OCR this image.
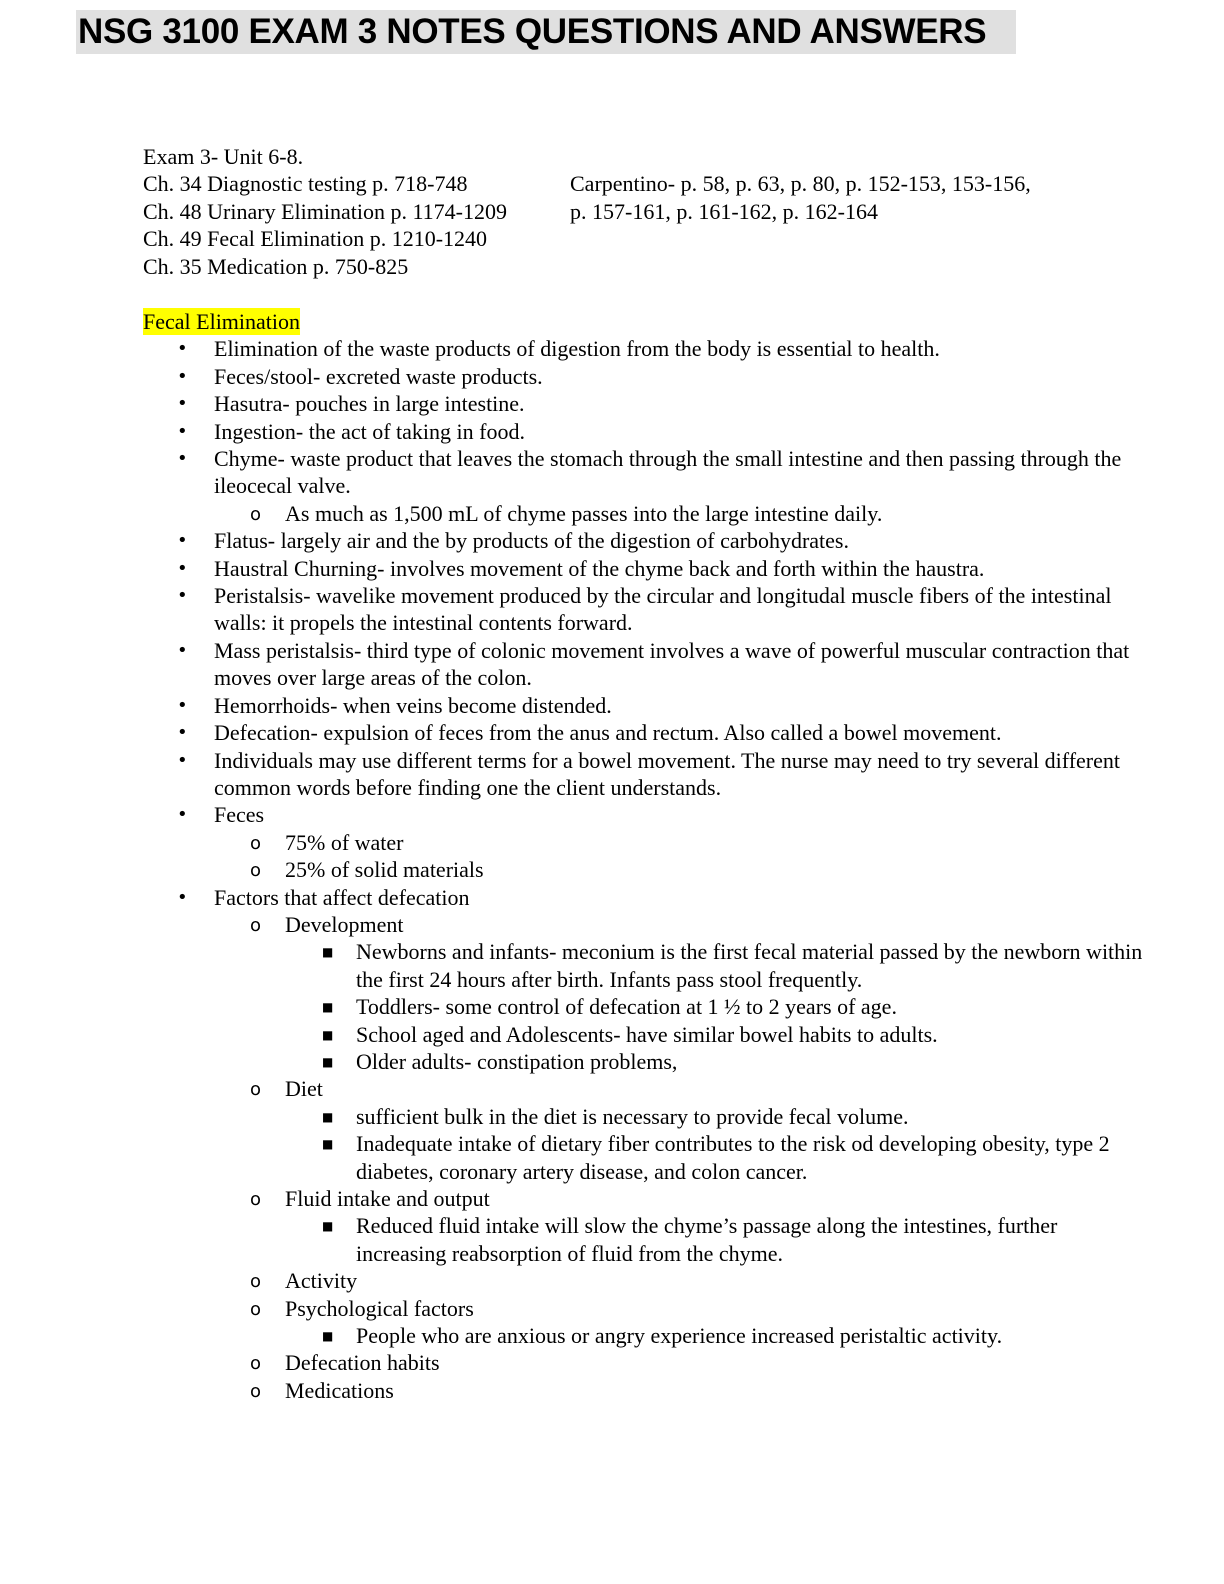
NSG 3100 EXAM 3 NOTES QUESTIONS AND ANSWERS
Exam 3- Unit 6-8.
Ch. 34 Diagnostic testing p. 718-748
Ch. 48 Urinary Elimination p. 1174-1209
Ch. 49 Fecal Elimination p. 1210-1240
Ch. 35 Medication p. 750-825
Carpentino- p. 58, p. 63, p. 80, p. 152-153, 153-156,
p. 157-161, p. 161-162, p. 162-164
Fecal Elimination
• Elimination of the waste products of digestion from the body is essential to health.
• Feces/stool- excreted waste products.
• Hasutra- pouches in large intestine.
• Ingestion- the act of taking in food.
• Chyme- waste product that leaves the stomach through the small intestine and then passing through the ileocecal valve.
o As much as 1,500 mL of chyme passes into the large intestine daily.
• Flatus- largely air and the by products of the digestion of carbohydrates.
• Haustral Churning- involves movement of the chyme back and forth within the haustra.
• Peristalsis- wavelike movement produced by the circular and longitudal muscle fibers of the intestinal walls: it propels the intestinal contents forward.
• Mass peristalsis- third type of colonic movement involves a wave of powerful muscular contraction that moves over large areas of the colon.
• Hemorrhoids- when veins become distended.
• Defecation- expulsion of feces from the anus and rectum. Also called a bowel movement.
• Individuals may use different terms for a bowel movement. The nurse may need to try several different common words before finding one the client understands.
• Feces
o 75% of water
o 25% of solid materials
• Factors that affect defecation
o Development
■ Newborns and infants- meconium is the first fecal material passed by the newborn within the first 24 hours after birth. Infants pass stool frequently.
■ Toddlers- some control of defecation at 1 ½ to 2 years of age.
■ School aged and Adolescents- have similar bowel habits to adults.
■ Older adults- constipation problems,
o Diet
■ sufficient bulk in the diet is necessary to provide fecal volume.
■ Inadequate intake of dietary fiber contributes to the risk od developing obesity, type 2 diabetes, coronary artery disease, and colon cancer.
o Fluid intake and output
■ Reduced fluid intake will slow the chyme’s passage along the intestines, further increasing reabsorption of fluid from the chyme.
o Activity
o Psychological factors
■ People who are anxious or angry experience increased peristaltic activity.
o Defecation habits
o Medications
